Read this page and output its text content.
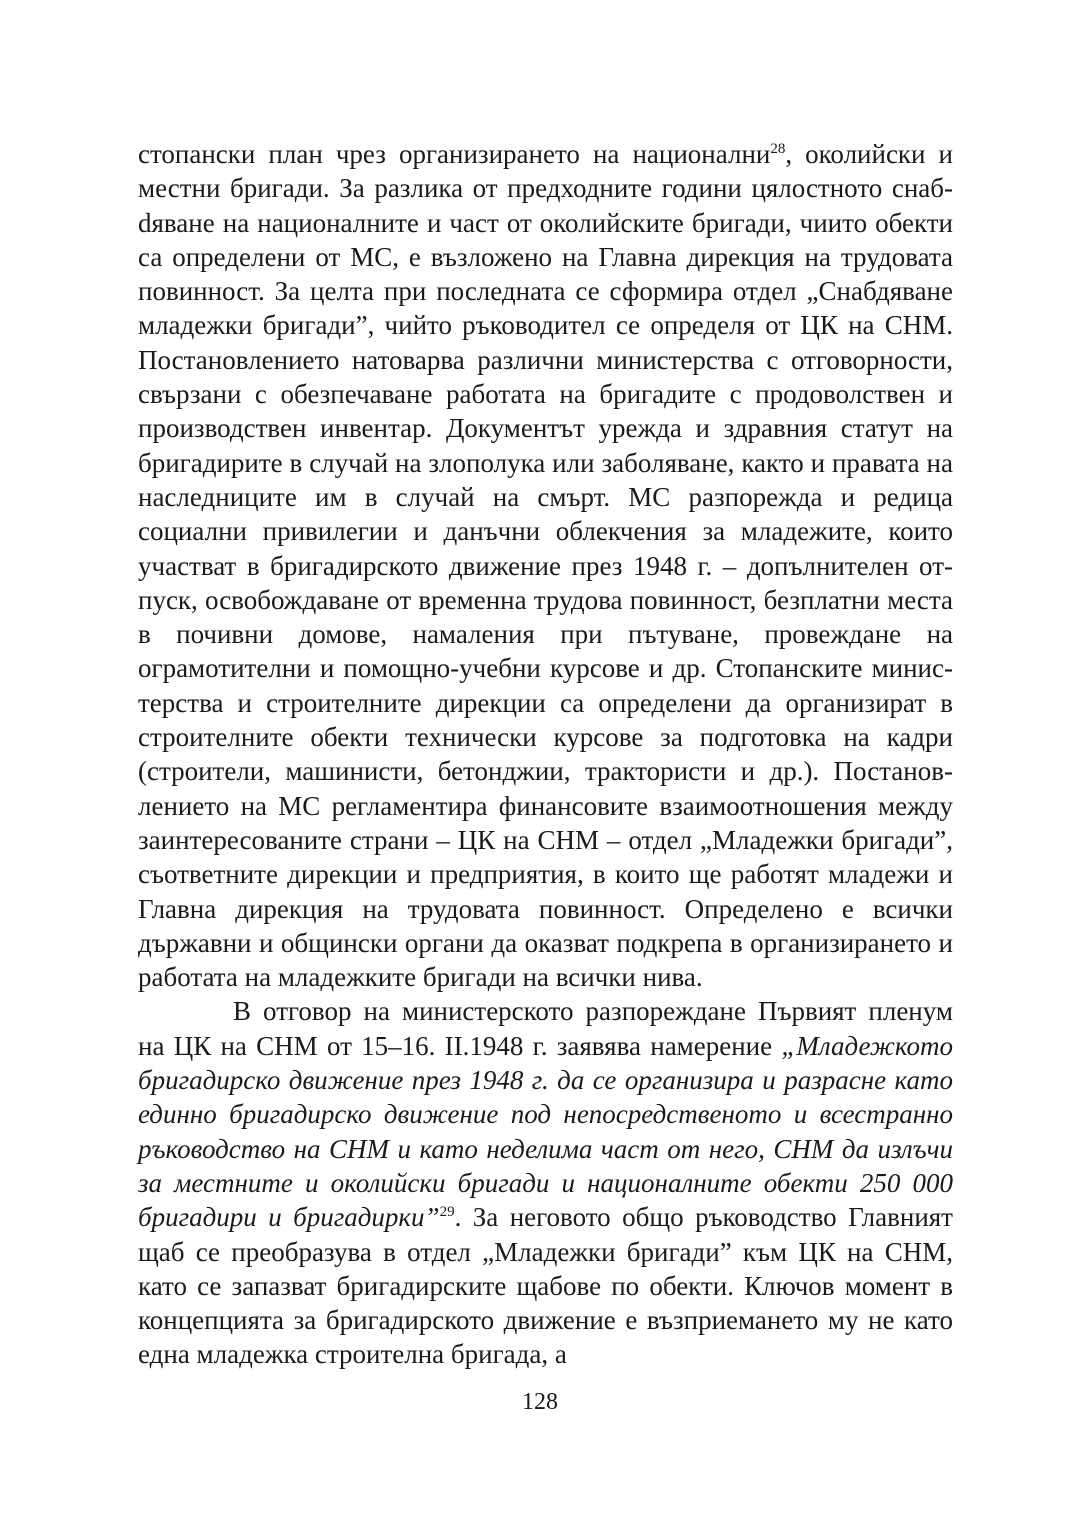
стопански план чрез организирането на национални$^{28}$, околийски и местни бригади. За разлика от предходните години цялостното снабdяване на националните и част от околийските бригади, чиито обекти са определени от МС, е възложено на Главна дирекция на трудовата повинност. За целта при последната се сформира отдел „Снабдяване младежки бригади”, чийто ръководител се определя от ЦК на СНМ. Постановлението натоварва различни министерства с отговорности, свързани с обезпечаване работата на бригадите с продоволствен и производствен инвентар. Документът урежда и здравния статут на бригадирите в случай на злополука или заболяване, както и правата на наследниците им в случай на смърт. МС разпорежда и редица социални привилегии и данъчни облекчения за младежите, които участват в бригадирското движение през 1948 г. – допълнителен отпуск, освобождаване от временна трудова повинност, безплатни места в почивни домове, намаления при пътуване, провеждане на ограмотителни и помощно-учебни курсове и др. Стопанските министерства и строителните дирекции са определени да организират в строителните обекти технически курсове за подготовка на кадри (строители, машинисти, бетонджии, трактористи и др.). Постановлението на МС регламентира финансовите взаимоотношения между заинтересованите страни – ЦК на СНМ – отдел „Младежки бригади”, съответните дирекции и предприятия, в които ще работят младежи и Главна дирекция на трудовата повинност. Определено е всички държавни и общински органи да оказват подкрепа в организирането и работата на младежките бригади на всички нива.

В отговор на министерското разпореждане Първият пленум на ЦК на СНМ от 15–16. II.1948 г. заявява намерение „Младежкото бригадирско движение през 1948 г. да се организира и разрасне като единно бригадирско движение под непосредственото и всестранно ръководство на СНМ и като неделима част от него, СНМ да излъчи за местните и околийски бригади и националните обекти 250 000 бригадири и бригадирки”$^{29}$. За неговото общо ръководство Главният щаб се преобразува в отдел „Младежки бригади” към ЦК на СНМ, като се запазват бригадирските щабове по обекти. Ключов момент в концепцията за бригадирското движение е възприемането му не като една младежка строителна бригада, а

128
